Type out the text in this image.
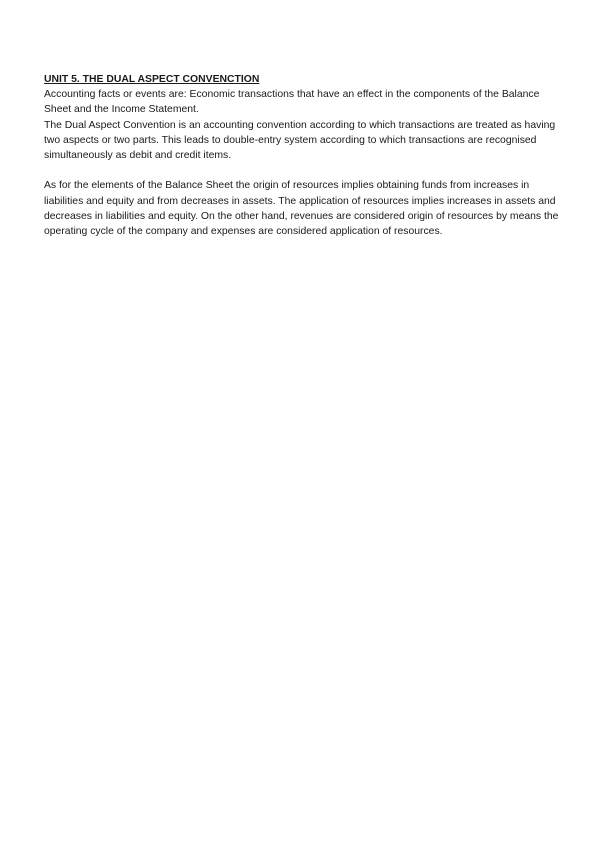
UNIT 5. THE DUAL ASPECT CONVENCTION

Accounting facts or events are: Economic transactions that have an effect in the components of the Balance Sheet and the Income Statement.

The Dual Aspect Convention is an accounting convention according to which transactions are treated as having two aspects or two parts. This leads to double-entry system according to which transactions are recognised simultaneously as debit and credit items.

As for the elements of the Balance Sheet the origin of resources implies obtaining funds from increases in liabilities and equity and from decreases in assets. The application of resources implies increases in assets and decreases in liabilities and equity. On the other hand, revenues are considered origin of resources by means the operating cycle of the company and expenses are considered application of resources.
